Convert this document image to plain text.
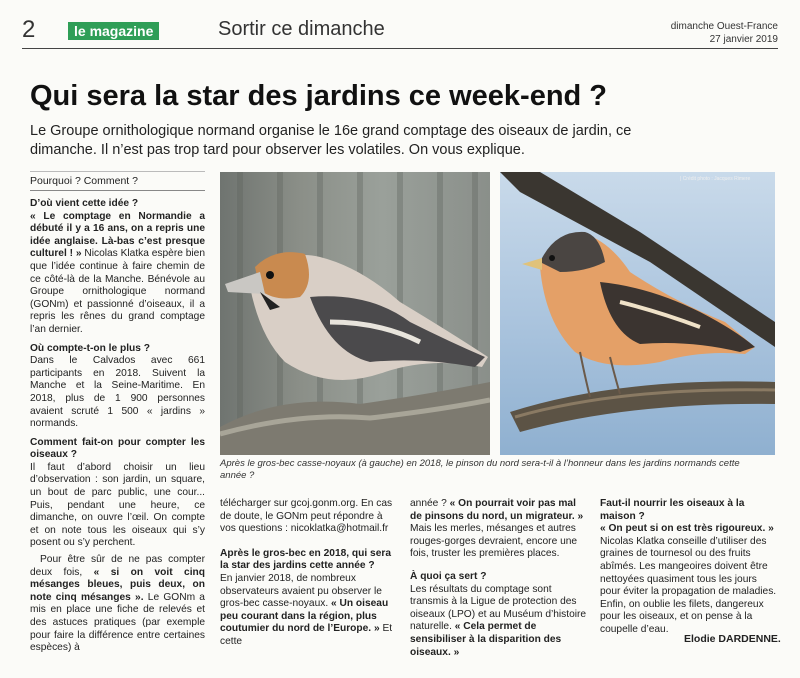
2	le magazine	Sortir ce dimanche	dimanche Ouest-France
27 janvier 2019
Qui sera la star des jardins ce week-end ?
Le Groupe ornithologique normand organise le 16e grand comptage des oiseaux de jardin, ce dimanche. Il n’est pas trop tard pour observer les volatiles. On vous explique.
Pourquoi ? Comment ?
D’où vient cette idée ?

« Le comptage en Normandie a débuté il y a 16 ans, on a repris une idée anglaise. Là-bas c’est presque culturel ! » Nicolas Klatka espère bien que l’idée continue à faire chemin de ce côté-là de la Manche. Bénévole au Groupe ornithologique normand (GONm) et passionné d’oiseaux, il a repris les rênes du grand comptage l’an dernier.

Où compte-t-on le plus ?

Dans le Calvados avec 661 participants en 2018. Suivent la Manche et la Seine-Maritime. En 2018, plus de 1 900 personnes avaient scruté 1 500 « jardins » normands.

Comment fait-on pour compter les oiseaux ?

Il faut d’abord choisir un lieu d’observation : son jardin, un square, un bout de parc public, une cour... Puis, pendant une heure, ce dimanche, on ouvre l’œil. On compte et on note tous les oiseaux qui s’y posent ou s’y perchent.

Pour être sûr de ne pas compter deux fois, « si on voit cinq mésanges bleues, puis deux, on note cinq mésanges ». Le GONm a mis en place une fiche de relevés et des astuces pratiques (par exemple pour faire la différence entre certaines espèces) à

| Crédit photo : Jacques Rimere
Après le gros-bec casse-noyaux (à gauche) en 2018, le pinson du nord sera-t-il à l’honneur dans les jardins normands cette année ?

télécharger sur gcoj.gonm.org. En cas de doute, le GONm peut répondre à vos questions : nicoklatka@hotmail.fr

Après le gros-bec en 2018, qui sera la star des jardins cette année ?

En janvier 2018, de nombreux observateurs avaient pu observer le gros-bec casse-noyaux. « Un oiseau peu courant dans la région, plus coutumier du nord de l’Europe. » Et cette

année ? « On pourrait voir pas mal de pinsons du nord, un migrateur. » Mais les merles, mésanges et autres rouges-gorges devraient, encore une fois, truster les premières places.

À quoi ça sert ?

Les résultats du comptage sont transmis à la Ligue de protection des oiseaux (LPO) et au Muséum d’histoire naturelle. « Cela permet de sensibiliser à la disparition des oiseaux. »

Faut-il nourrir les oiseaux à la maison ?

« On peut si on est très rigoureux. » Nicolas Klatka conseille d’utiliser des graines de tournesol ou des fruits abîmés. Les mangeoires doivent être nettoyées quasiment tous les jours pour éviter la propagation de maladies. Enfin, on oublie les filets, dangereux pour les oiseaux, et on pense à la coupelle d’eau.

Elodie DARDENNE.
